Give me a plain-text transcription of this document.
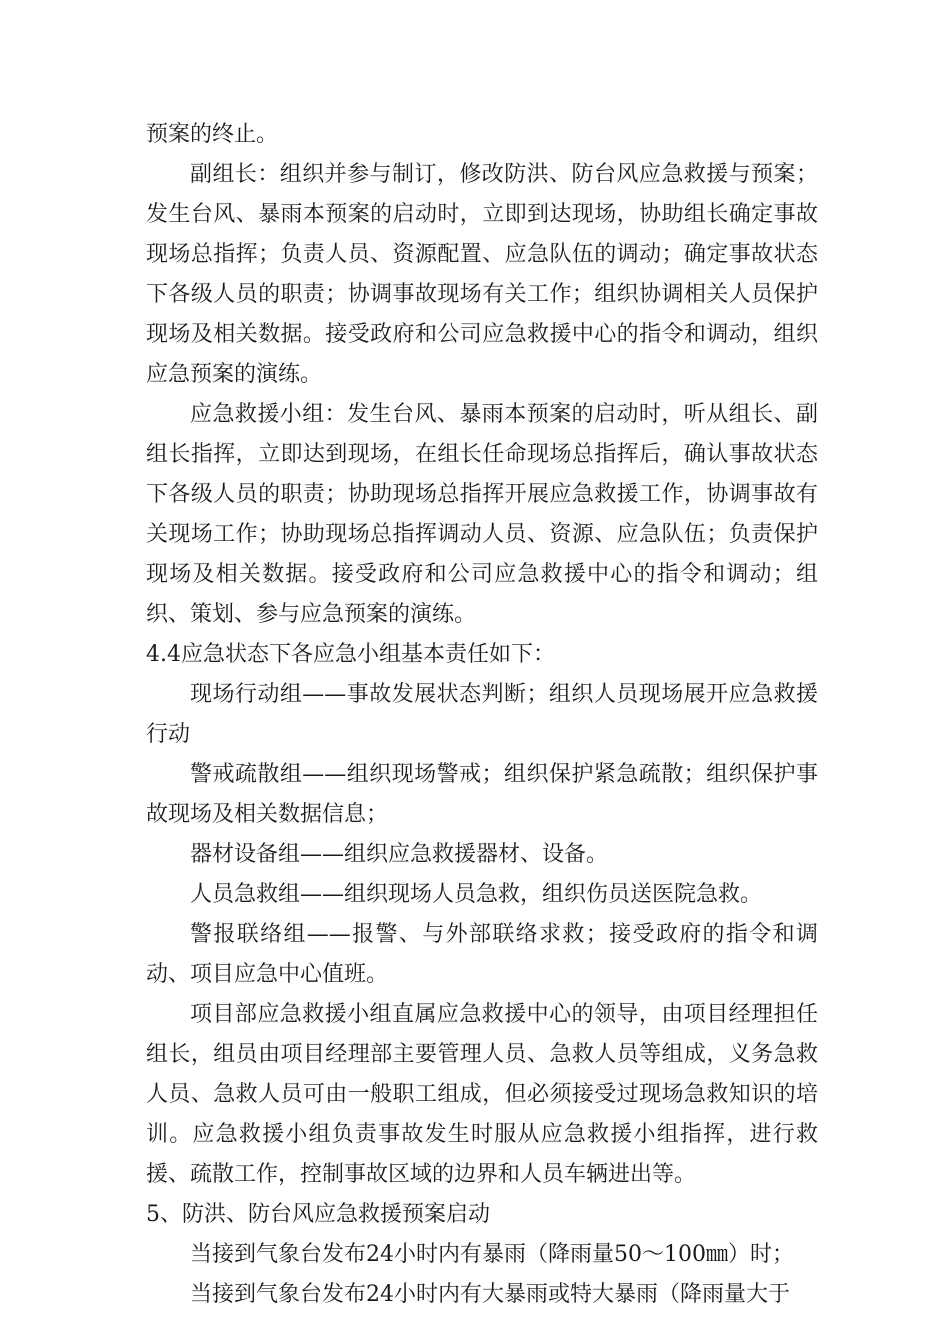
预案的终止。

副组长：组织并参与制订，修改防洪、防台风应急救援与预案；发生台风、暴雨本预案的启动时，立即到达现场，协助组长确定事故现场总指挥；负责人员、资源配置、应急队伍的调动；确定事故状态下各级人员的职责；协调事故现场有关工作；组织协调相关人员保护现场及相关数据。接受政府和公司应急救援中心的指令和调动，组织应急预案的演练。

应急救援小组：发生台风、暴雨本预案的启动时，听从组长、副组长指挥，立即达到现场，在组长任命现场总指挥后，确认事故状态下各级人员的职责；协助现场总指挥开展应急救援工作，协调事故有关现场工作；协助现场总指挥调动人员、资源、应急队伍；负责保护现场及相关数据。接受政府和公司应急救援中心的指令和调动；组织、策划、参与应急预案的演练。

4.4应急状态下各应急小组基本责任如下：

现场行动组——事故发展状态判断；组织人员现场展开应急救援行动

警戒疏散组——组织现场警戒；组织保护紧急疏散；组织保护事故现场及相关数据信息；

器材设备组——组织应急救援器材、设备。

人员急救组——组织现场人员急救，组织伤员送医院急救。

警报联络组——报警、与外部联络求救；接受政府的指令和调动、项目应急中心值班。

项目部应急救援小组直属应急救援中心的领导，由项目经理担任组长，组员由项目经理部主要管理人员、急救人员等组成，义务急救人员、急救人员可由一般职工组成，但必须接受过现场急救知识的培训。应急救援小组负责事故发生时服从应急救援小组指挥，进行救援、疏散工作，控制事故区域的边界和人员车辆进出等。

5、防洪、防台风应急救援预案启动

当接到气象台发布24小时内有暴雨（降雨量50～100㎜）时；

当接到气象台发布24小时内有大暴雨或特大暴雨（降雨量大于
